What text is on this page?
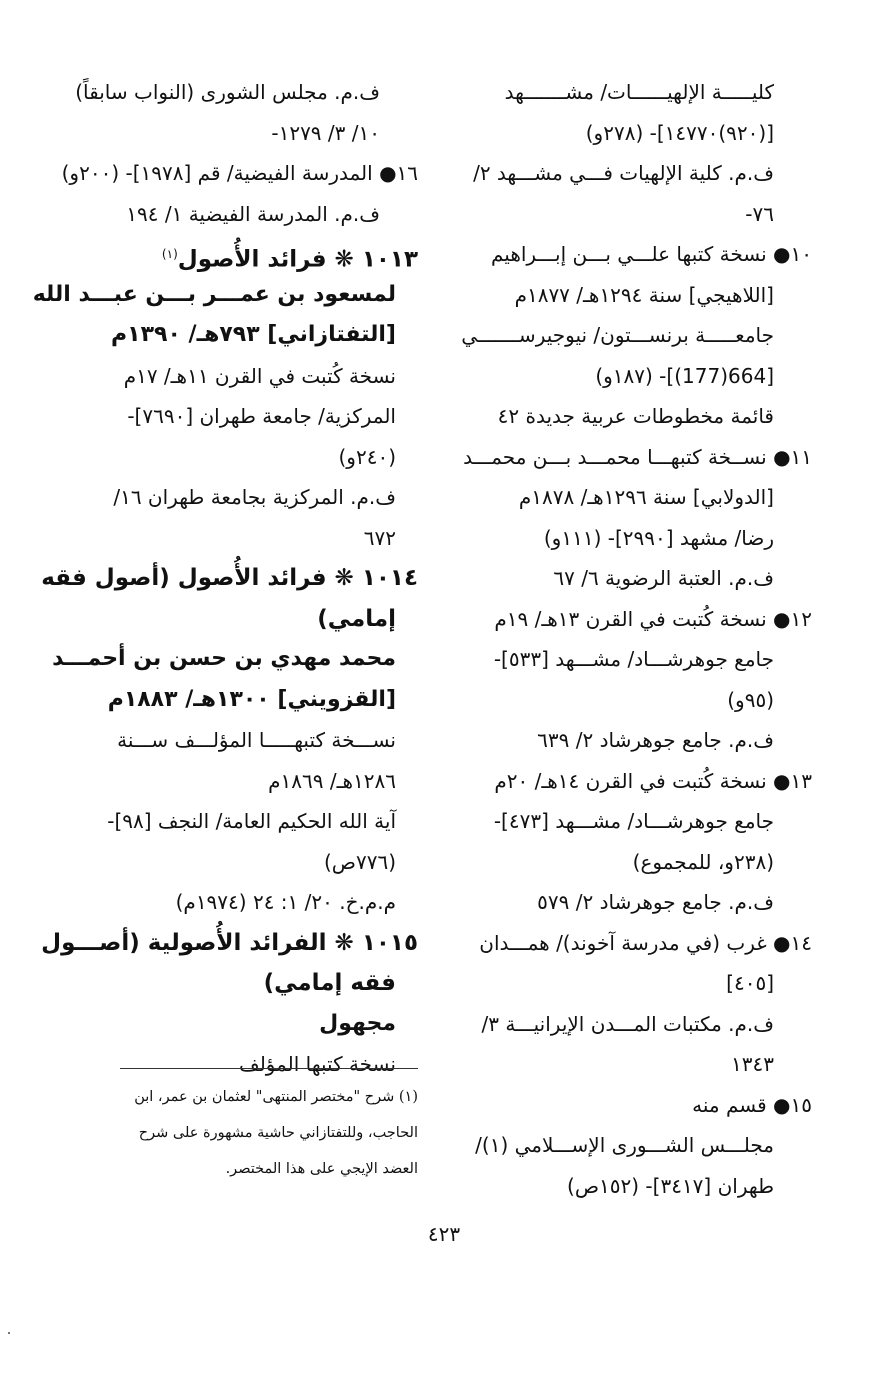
كليـــــة الإلهيــــــات/ مشـــــــهد
[(٩٢٠)١٤٧٧٠]- (٢٧٨و)
ف.م. كلية الإلهيات فـــي مشـــهد ٢/
٧٦-
١٠● نسخة كتبها علـــي بـــن إبـــراهيم
[اللاهيجي] سنة ١٢٩٤هـ/ ١٨٧٧م
جامعـــــة برنســـتون/ نيوجيرســـــــي
[664(177)]- (١٨٧و)
قائمة مخطوطات عربية جديدة ٤٢
١١● نســخة كتبهـــا محمـــد بـــن محمـــد
[الدولابي] سنة ١٢٩٦هـ/ ١٨٧٨م
رضا/ مشهد [٢٩٩٠]- (١١١و)
ف.م. العتبة الرضوية ٦/ ٦٧
١٢● نسخة كُتبت في القرن ١٣هـ/ ١٩م
جامع جوهرشـــاد/ مشـــهد [٥٣٣]-
(٩٥و)
ف.م. جامع جوهرشاد ٢/ ٦٣٩
١٣● نسخة كُتبت في القرن ١٤هـ/ ٢٠م
جامع جوهرشـــاد/ مشـــهد [٤٧٣]-
(٢٣٨و، للمجموع)
ف.م. جامع جوهرشاد ٢/ ٥٧٩
١٤● غرب (في مدرسة آخوند)/ همـــدان
[٤٠٥]
ف.م. مكتبات المـــدن الإيرانيـــة ٣/
١٣٤٣
١٥● قسم منه
مجلـــس الشـــورى الإســـلامي (١)/
طهران [٣٤١٧]- (١٥٢ص)
ف.م. مجلس الشورى (النواب سابقاً)
١٠/ ٣/ ١٢٧٩-
١٦● المدرسة الفيضية/ قم [١٩٧٨]- (٢٠٠و)
ف.م. المدرسة الفيضية ١/ ١٩٤
١٠١٣ ❋ فرائد الأُصول$^{(١)}$
لمسعود بن عمـــر بـــن عبـــد الله
[التفتازاني] ٧٩٣هـ/ ١٣٩٠م
نسخة كُتبت في القرن ١١هـ/ ١٧م
المركزية/ جامعة طهران [٧٦٩٠]-
(٢٤٠و)
ف.م. المركزية بجامعة طهران ١٦/
٦٧٢
١٠١٤ ❋ فرائد الأُصول (أصول فقه
إمامي)
محمد مهدي بن حسن بن أحمـــد
[القزويني] ١٣٠٠هـ/ ١٨٨٣م
نســـخة كتبهـــــا المؤلـــف ســـنة
١٢٨٦هـ/ ١٨٦٩م
آية الله الحكيم العامة/ النجف [٩٨]-
(٧٧٦ص)
م.م.خ. ٢٠/ ١: ٢٤ (١٩٧٤م)
١٠١٥ ❋ الفرائد الأُصولية (أصـــول
فقه إمامي)
مجهول
نسخة كتبها المؤلف
(١) شرح "مختصر المنتهى" لعثمان بن عمر، ابن
الحاجب، وللتفتازاني حاشية مشهورة على شرح
العضد الإيجي على هذا المختصر.
٤٢٣
